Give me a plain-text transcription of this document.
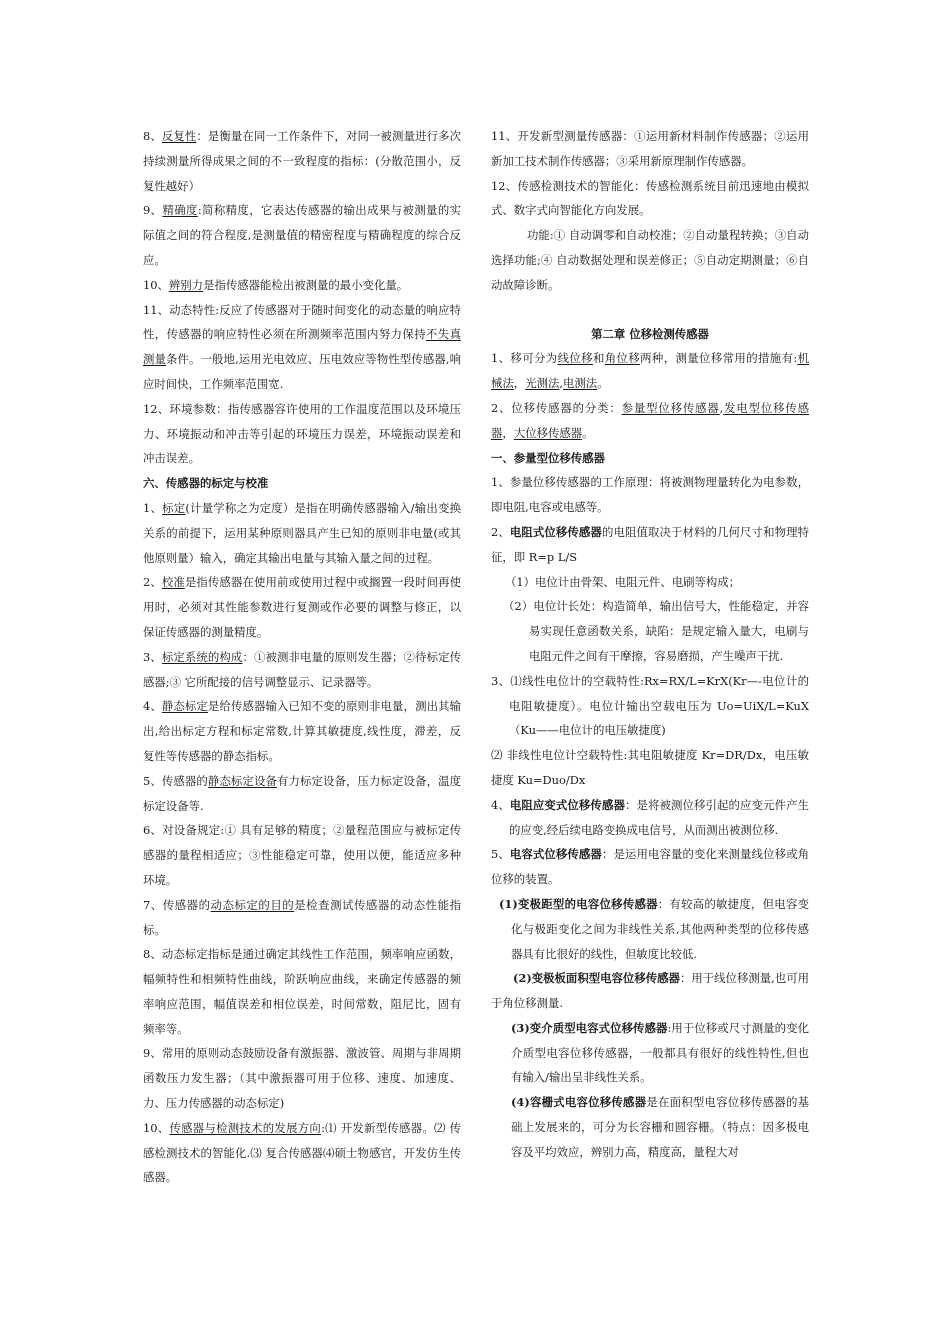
8、反复性：是衡量在同一工作条件下，对同一被测量进行多次持续测量所得成果之间的不一致程度的指标：(分散范围小，反复性越好）

9、精确度:简称精度，它表达传感器的输出成果与被测量的实际值之间的符合程度,是测量值的精密程度与精确程度的综合反应。

10、辨别力是指传感器能检出被测量的最小变化量。

11、动态特性:反应了传感器对于随时间变化的动态量的响应特性，传感器的响应特性必须在所测频率范围内努力保持不失真测量条件。一般地,运用光电效应、压电效应等物性型传感器,响应时间快，工作频率范围宽.

12、环境参数：指传感器容许使用的工作温度范围以及环境压力、环境振动和冲击等引起的环境压力误差，环境振动误差和冲击误差。

六、传感器的标定与校准

1、标定(计量学称之为定度）是指在明确传感器输入/输出变换关系的前提下，运用某种原则器具产生已知的原则非电量(或其他原则量）输入，确定其输出电量与其输入量之间的过程。

2、校准是指传感器在使用前或使用过程中或搁置一段时间再使用时，必须对其性能参数进行复测或作必要的调整与修正，以保证传感器的测量精度。

3、标定系统的构成：①被测非电量的原则发生器；②待标定传感器;③ 它所配接的信号调整显示、记录器等。

4、静态标定是给传感器输入已知不变的原则非电量，测出其输出,给出标定方程和标定常数,计算其敏捷度,线性度，滞差，反复性等传感器的静态指标。

5、传感器的静态标定设备有力标定设备，压力标定设备，温度标定设备等.

6、对设备规定:① 具有足够的精度；②量程范围应与被标定传感器的量程相适应；③性能稳定可靠，使用以便，能适应多种环境。

7、传感器的动态标定的目的是检查测试传感器的动态性能指标。

8、动态标定指标是通过确定其线性工作范围，频率响应函数，幅频特性和相频特性曲线，阶跃响应曲线，来确定传感器的频率响应范围，幅值误差和相位误差，时间常数，阻尼比，固有频率等。

9、常用的原则动态鼓励设备有激振器、激波管、周期与非周期函数压力发生器；（其中激振器可用于位移、速度、加速度、力、压力传感器的动态标定)

10、传感器与检测技术的发展方向:⑴ 开发新型传感器。⑵ 传感检测技术的智能化.⑶ 复合传感器⑷硕士物感官，开发仿生传感器。

11、开发新型测量传感器：①运用新材料制作传感器；②运用新加工技术制作传感器；③采用新原理制作传感器。

12、传感检测技术的智能化：传感检测系统目前迅速地由模拟式、数字式向智能化方向发展。

功能:① 自动调零和自动校准；②自动量程转换；③自动选择功能;④ 自动数据处理和误差修正；⑤自动定期测量；⑥自动故障诊断。

第二章 位移检测传感器

1、移可分为线位移和角位移两种，测量位移常用的措施有:机械法，光测法,电测法。

2、位移传感器的分类：参量型位移传感器,发电型位移传感器，大位移传感器。

一、参量型位移传感器

1、参量位移传感器的工作原理：将被测物理量转化为电参数，即电阻,电容或电感等。

2、电阻式位移传感器的电阻值取决于材料的几何尺寸和物理特征，即 R=p L/S

（1）电位计由骨架、电阻元件、电刷等构成；

（2）电位计长处：构造简单，输出信号大，性能稳定，并容易实现任意函数关系，缺陷：是规定输入量大，电刷与电阻元件之间有干摩擦，容易磨损，产生噪声干扰.

3、⑴线性电位计的空载特性:Rx=RX/L=KrX(Kr—-电位计的电阻敏捷度）。电位计输出空载电压为 Uo=UiX/L=KuX（Ku——电位计的电压敏捷度)

⑵ 非线性电位计空载特性:其电阻敏捷度 Kr=DR/Dx，电压敏捷度 Ku=Duo/Dx

4、电阻应变式位移传感器：是将被测位移引起的应变元件产生的应变,经后续电路变换成电信号，从而测出被测位移.

5、电容式位移传感器：是运用电容量的变化来测量线位移或角位移的装置。

(1)变极距型的电容位移传感器：有较高的敏捷度，但电容变化与极距变化之间为非线性关系,其他两种类型的位移传感器具有比很好的线性，但敏度比较低.

(2)变极板面积型电容位移传感器：用于线位移测量,也可用于角位移测量.

(3)变介质型电容式位移传感器:用于位移或尺寸测量的变化介质型电容位移传感器，一般都具有很好的线性特性,但也有输入/输出呈非线性关系。

(4)容栅式电容位移传感器是在面积型电容位移传感器的基础上发展来的，可分为长容栅和圆容栅。（特点：因多极电容及平均效应，辨别力高，精度高，量程大对
